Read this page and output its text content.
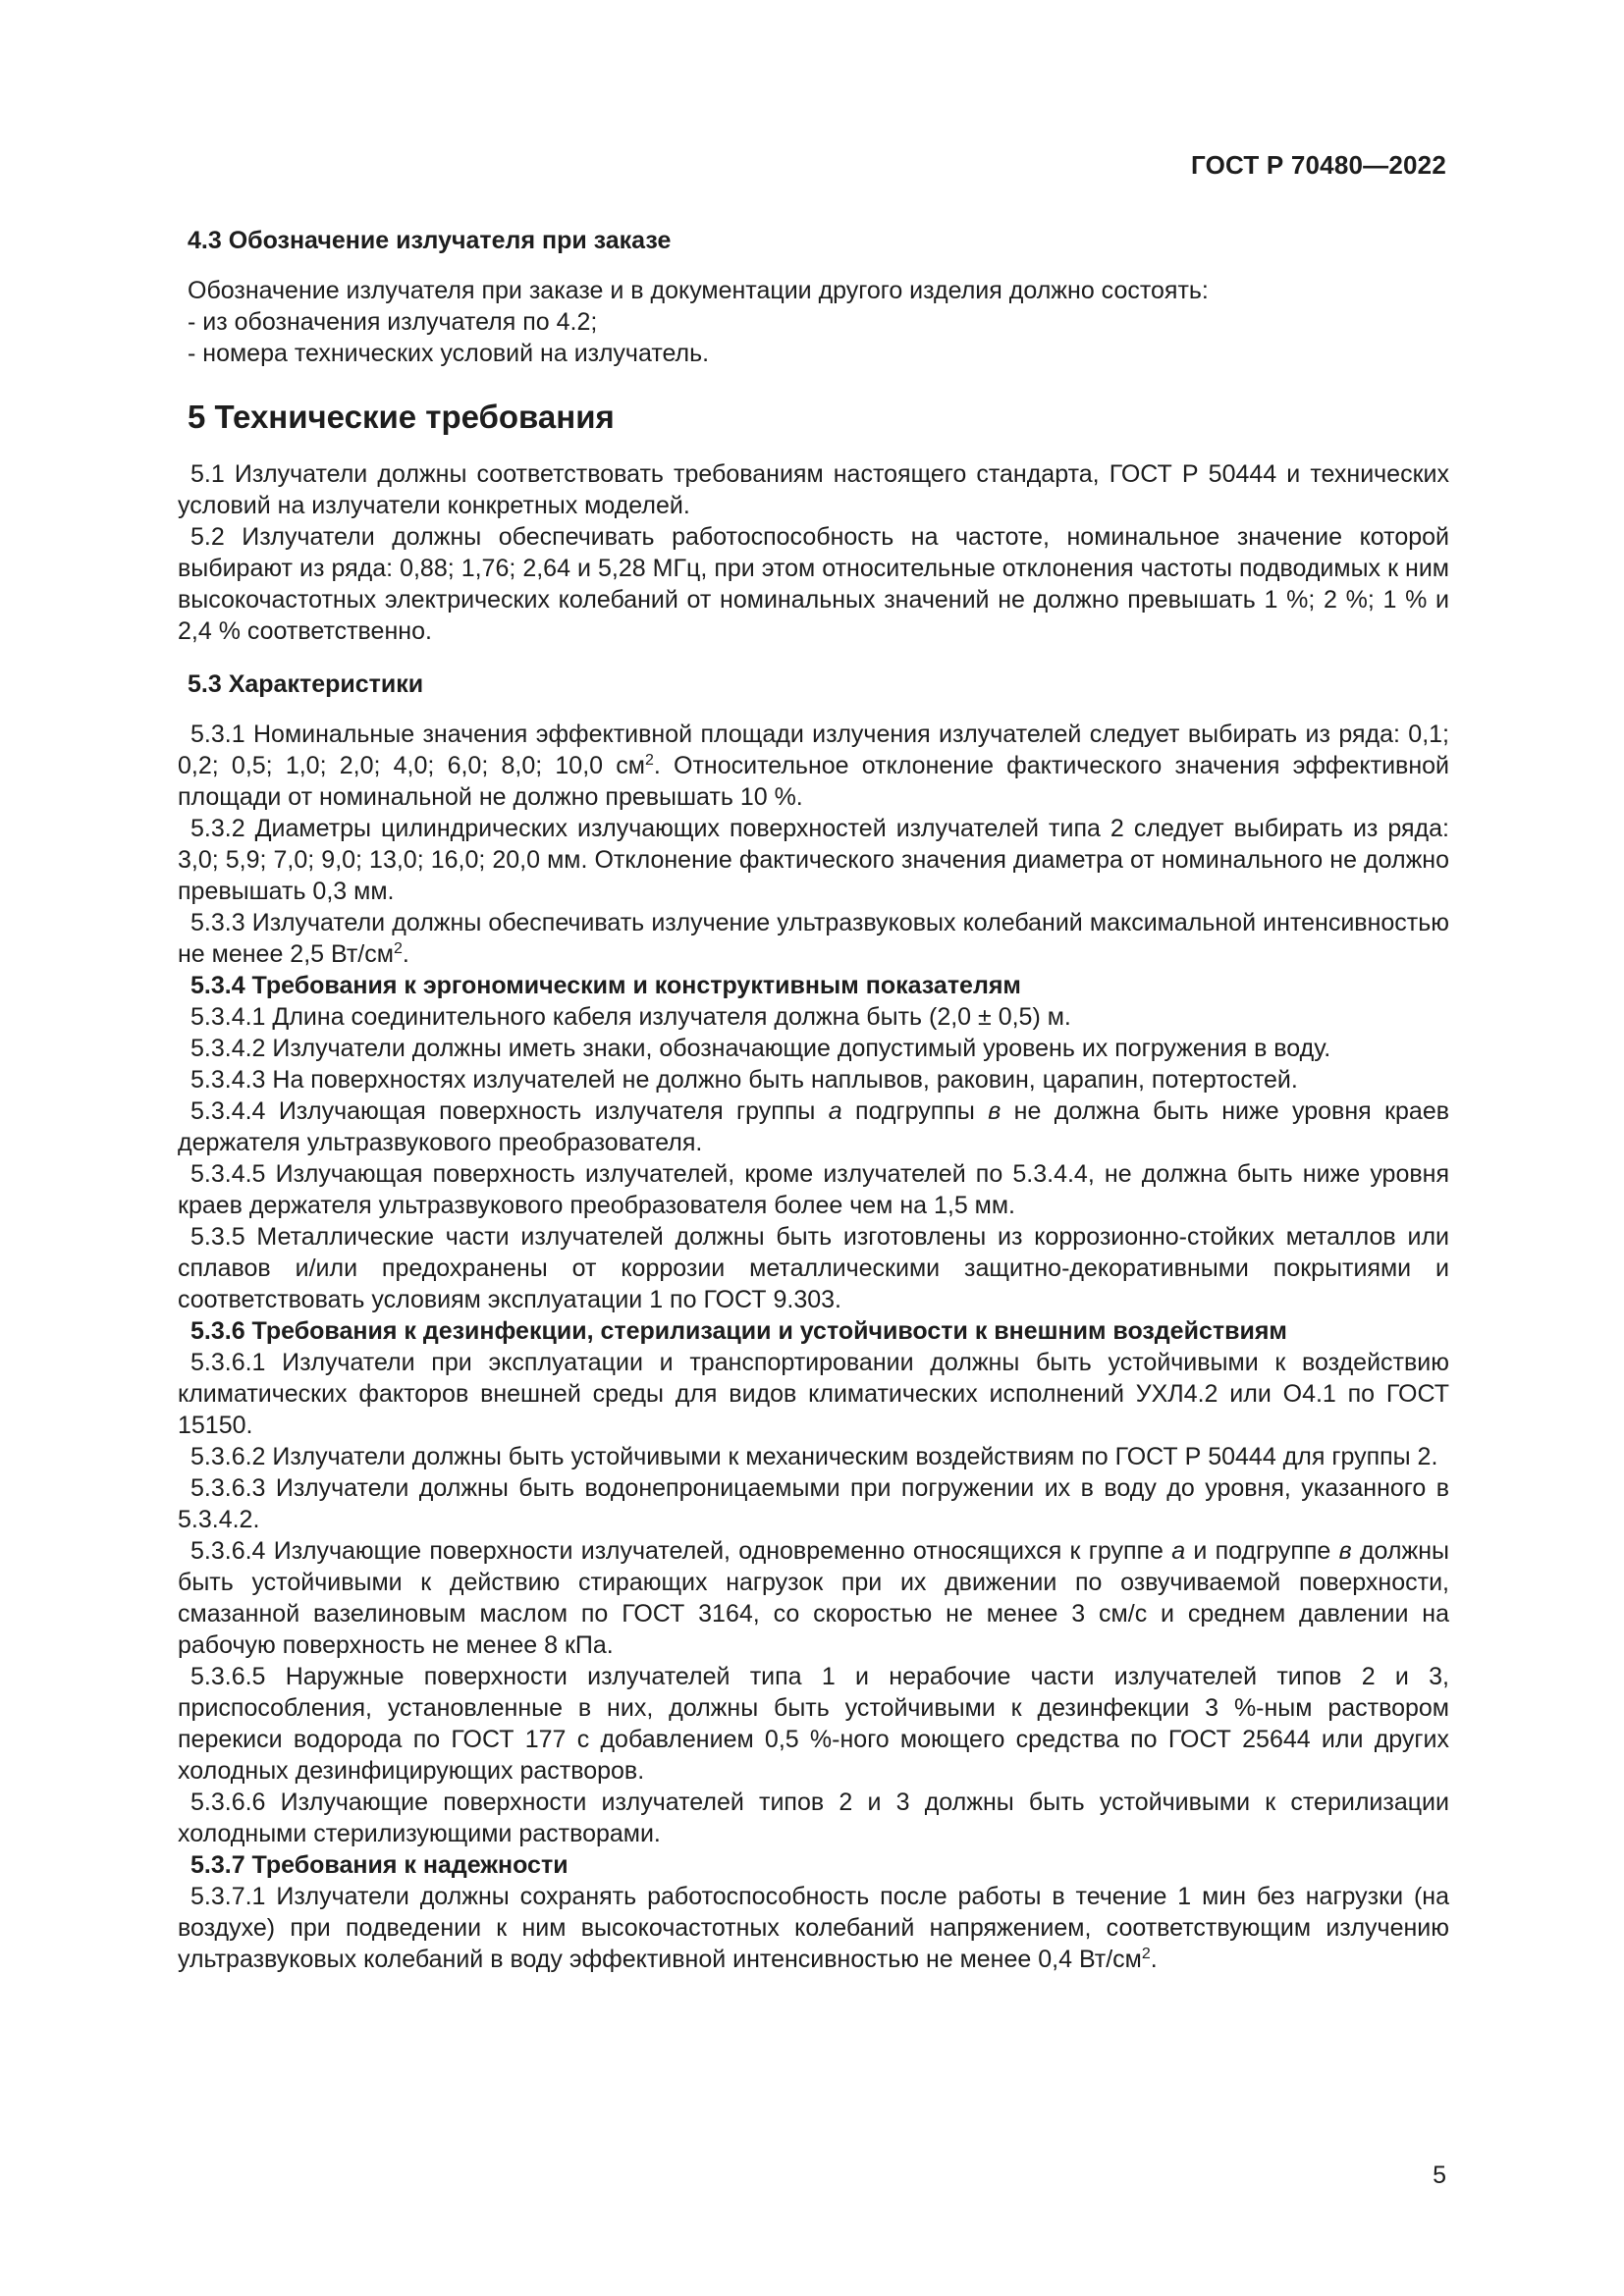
ГОСТ Р 70480—2022
4.3 Обозначение излучателя при заказе
Обозначение излучателя при заказе и в документации другого изделия должно состоять:
- из обозначения излучателя по 4.2;
- номера технических условий на излучатель.
5 Технические требования

5.1 Излучатели должны соответствовать требованиям настоящего стандарта, ГОСТ Р 50444 и технических условий на излучатели конкретных моделей.

5.2 Излучатели должны обеспечивать работоспособность на частоте, номинальное значение которой выбирают из ряда: 0,88; 1,76; 2,64 и 5,28 МГц, при этом относительные отклонения частоты подводимых к ним высокочастотных электрических колебаний от номинальных значений не должно превышать 1 %; 2 %; 1 % и 2,4 % соответственно.

5.3 Характеристики

5.3.1 Номинальные значения эффективной площади излучения излучателей следует выбирать из ряда: 0,1; 0,2; 0,5; 1,0; 2,0; 4,0; 6,0; 8,0; 10,0 $см^2$. Относительное отклонение фактического значения эффективной площади от номинальной не должно превышать 10 %.

5.3.2 Диаметры цилиндрических излучающих поверхностей излучателей типа 2 следует выбирать из ряда: 3,0; 5,9; 7,0; 9,0; 13,0; 16,0; 20,0 мм. Отклонение фактического значения диаметра от номинального не должно превышать 0,3 мм.

5.3.3 Излучатели должны обеспечивать излучение ультразвуковых колебаний максимальной интенсивностью не менее 2,5 $Вт/см^2$.

5.3.4 Требования к эргономическим и конструктивным показателям

5.3.4.1 Длина соединительного кабеля излучателя должна быть (2,0 ± 0,5) м.

5.3.4.2 Излучатели должны иметь знаки, обозначающие допустимый уровень их погружения в воду.

5.3.4.3 На поверхностях излучателей не должно быть наплывов, раковин, царапин, потертостей.

5.3.4.4 Излучающая поверхность излучателя группы а подгруппы в не должна быть ниже уровня краев держателя ультразвукового преобразователя.

5.3.4.5 Излучающая поверхность излучателей, кроме излучателей по 5.3.4.4, не должна быть ниже уровня краев держателя ультразвукового преобразователя более чем на 1,5 мм.

5.3.5 Металлические части излучателей должны быть изготовлены из коррозионно-стойких металлов или сплавов и/или предохранены от коррозии металлическими защитно-декоративными покрытиями и соответствовать условиям эксплуатации 1 по ГОСТ 9.303.

5.3.6 Требования к дезинфекции, стерилизации и устойчивости к внешним воздействиям

5.3.6.1 Излучатели при эксплуатации и транспортировании должны быть устойчивыми к воздействию климатических факторов внешней среды для видов климатических исполнений УХЛ4.2 или О4.1 по ГОСТ 15150.

5.3.6.2 Излучатели должны быть устойчивыми к механическим воздействиям по ГОСТ Р 50444 для группы 2.

5.3.6.3 Излучатели должны быть водонепроницаемыми при погружении их в воду до уровня, указанного в 5.3.4.2.

5.3.6.4 Излучающие поверхности излучателей, одновременно относящихся к группе а и подгруппе в должны быть устойчивыми к действию стирающих нагрузок при их движении по озвучиваемой поверхности, смазанной вазелиновым маслом по ГОСТ 3164, со скоростью не менее 3 см/с и среднем давлении на рабочую поверхность не менее 8 кПа.

5.3.6.5 Наружные поверхности излучателей типа 1 и нерабочие части излучателей типов 2 и 3, приспособления, установленные в них, должны быть устойчивыми к дезинфекции 3 %-ным раствором перекиси водорода по ГОСТ 177 с добавлением 0,5 %-ного моющего средства по ГОСТ 25644 или других холодных дезинфицирующих растворов.

5.3.6.6 Излучающие поверхности излучателей типов 2 и 3 должны быть устойчивыми к стерилизации холодными стерилизующими растворами.

5.3.7 Требования к надежности

5.3.7.1 Излучатели должны сохранять работоспособность после работы в течение 1 мин без нагрузки (на воздухе) при подведении к ним высокочастотных колебаний напряжением, соответствующим излучению ультразвуковых колебаний в воду эффективной интенсивностью не менее 0,4 $Вт/см^2$.

5
